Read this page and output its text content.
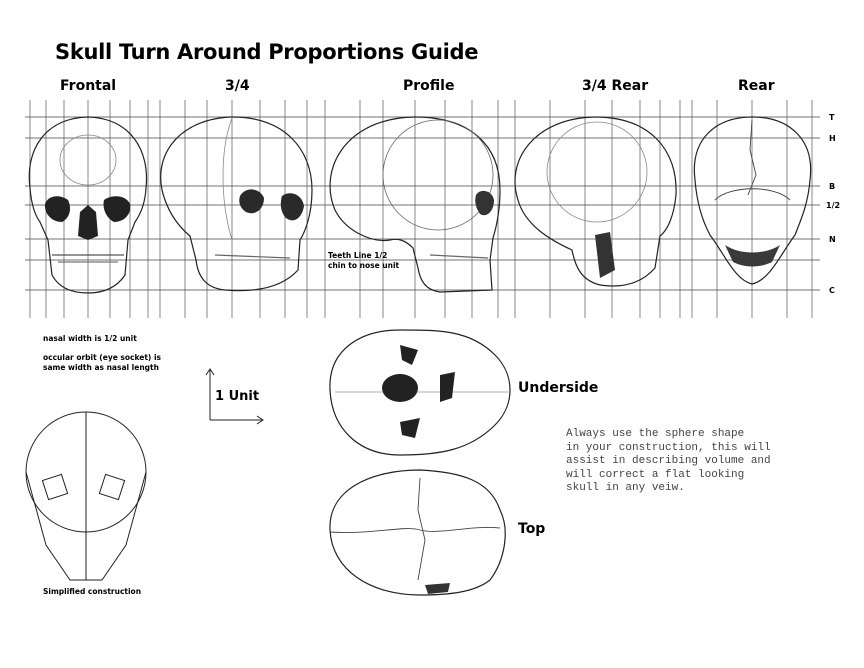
Skull Turn Around Proportions Guide
Frontal	3/4	Profile	3/4 Rear	Rear
T
H
B
1/2
N
C
Teeth Line 1/2
chin to nose unit
nasal width is 1/2 unit
occular orbit (eye socket) is
same width as nasal length
1 Unit
Simplified construction
Underside
Top
Always use the sphere shape
in your construction, this will
assist in describing volume and
will correct a flat looking
skull in any veiw.
